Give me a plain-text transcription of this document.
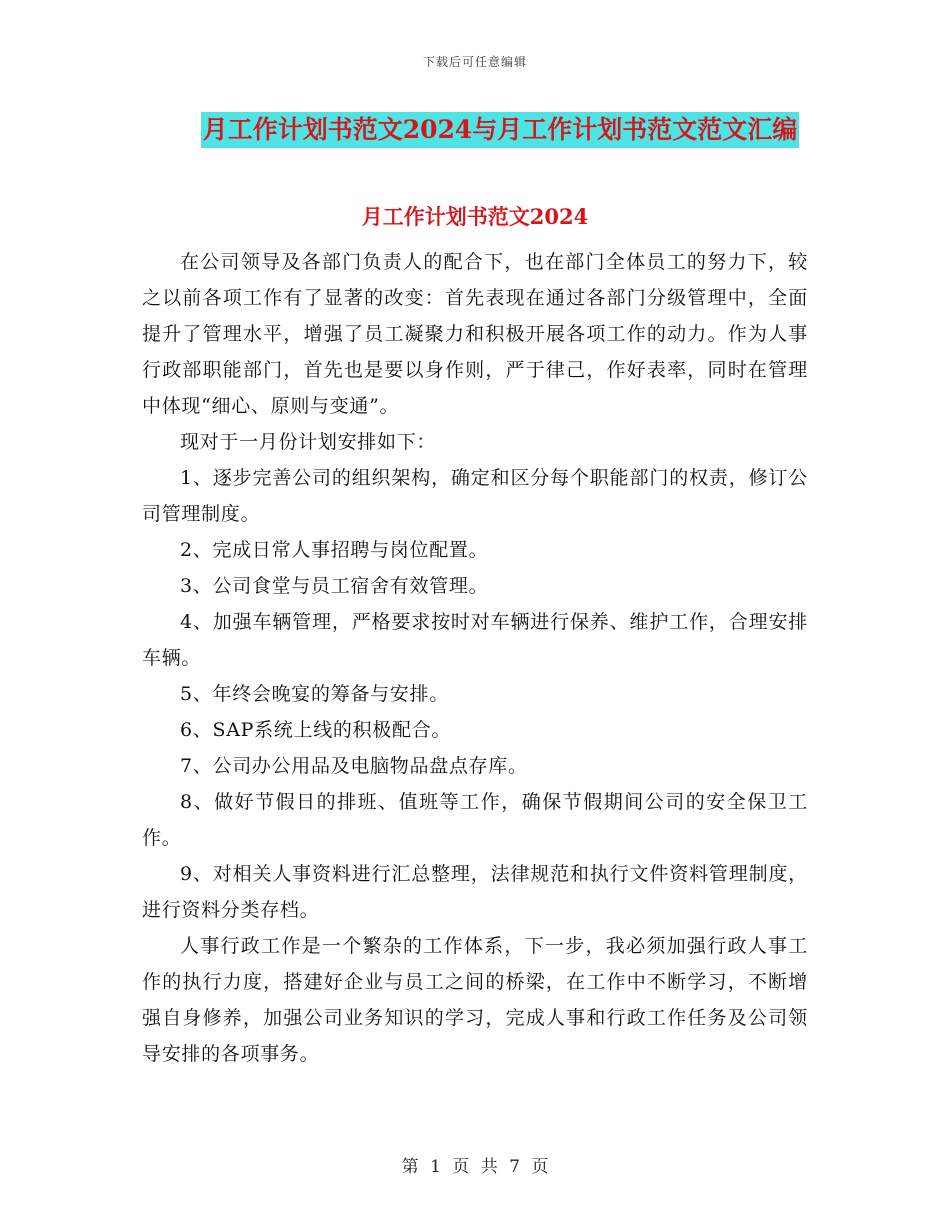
下载后可任意编辑
月工作计划书范文2024与月工作计划书范文范文汇编
月工作计划书范文2024

在公司领导及各部门负责人的配合下，也在部门全体员工的努力下，较之以前各项工作有了显著的改变：首先表现在通过各部门分级管理中，全面提升了管理水平，增强了员工凝聚力和积极开展各项工作的动力。作为人事行政部职能部门，首先也是要以身作则，严于律己，作好表率，同时在管理中体现“细心、原则与变通”。

现对于一月份计划安排如下：

1、逐步完善公司的组织架构，确定和区分每个职能部门的权责，修订公司管理制度。

2、完成日常人事招聘与岗位配置。

3、公司食堂与员工宿舍有效管理。

4、加强车辆管理，严格要求按时对车辆进行保养、维护工作，合理安排车辆。

5、年终会晚宴的筹备与安排。

6、SAP系统上线的积极配合。

7、公司办公用品及电脑物品盘点存库。

8、做好节假日的排班、值班等工作，确保节假期间公司的安全保卫工作。

9、对相关人事资料进行汇总整理，法律规范和执行文件资料管理制度，进行资料分类存档。

人事行政工作是一个繁杂的工作体系，下一步，我必须加强行政人事工作的执行力度，搭建好企业与员工之间的桥梁，在工作中不断学习，不断增强自身修养，加强公司业务知识的学习，完成人事和行政工作任务及公司领导安排的各项事务。

第 1 页 共 7 页
